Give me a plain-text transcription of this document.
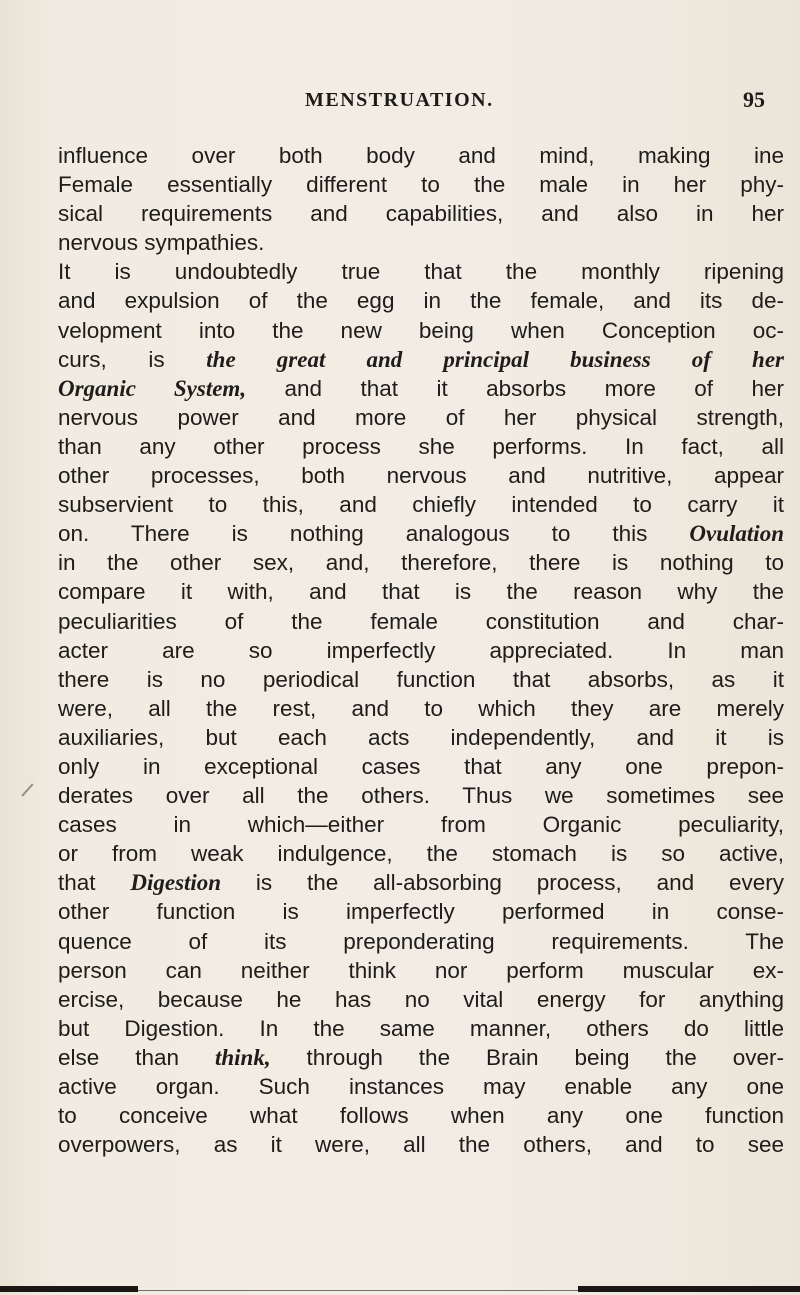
MENSTRUATION.	95
influence over both body and mind, making ine
Female essentially different to the male in her phy-
sical requirements and capabilities, and also in her
nervous sympathies.
It is undoubtedly true that the monthly ripening
and expulsion of the egg in the female, and its de-
velopment into the new being when Conception oc-
curs, is the great and principal business of her
Organic System, and that it absorbs more of her
nervous power and more of her physical strength,
than any other process she performs. In fact, all
other processes, both nervous and nutritive, appear
subservient to this, and chiefly intended to carry it
on. There is nothing analogous to this Ovulation
in the other sex, and, therefore, there is nothing to
compare it with, and that is the reason why the
peculiarities of the female constitution and char-
acter are so imperfectly appreciated. In man
there is no periodical function that absorbs, as it
were, all the rest, and to which they are merely
auxiliaries, but each acts independently, and it is
only in exceptional cases that any one prepon-
derates over all the others. Thus we sometimes see
cases in which—either from Organic peculiarity,
or from weak indulgence, the stomach is so active,
that Digestion is the all-absorbing process, and every
other function is imperfectly performed in conse-
quence of its preponderating requirements. The
person can neither think nor perform muscular ex-
ercise, because he has no vital energy for anything
but Digestion. In the same manner, others do little
else than think, through the Brain being the over-
active organ. Such instances may enable any one
to conceive what follows when any one function
overpowers, as it were, all the others, and to see
